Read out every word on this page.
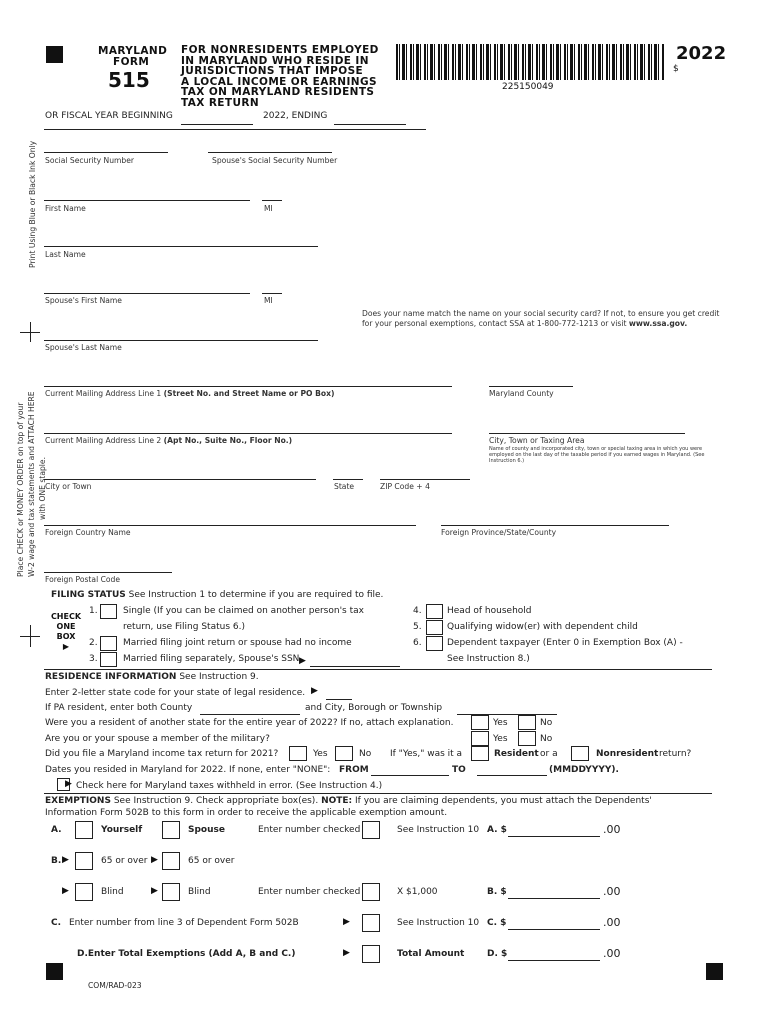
MARYLAND
FORM
515
FOR NONRESIDENTS EMPLOYED
IN MARYLAND WHO RESIDE IN
JURISDICTIONS THAT IMPOSE
A LOCAL INCOME OR EARNINGS
TAX ON MARYLAND RESIDENTS
TAX RETURN
225150049
2022
$
OR FISCAL YEAR BEGINNING	2022, ENDING
Print Using Blue or Black Ink Only
Place CHECK or MONEY ORDER on top of your W-2 wage and tax statements and ATTACH HERE with ONE staple.
Social Security Number	Spouse's Social Security Number
First Name	MI
Last Name
Spouse's First Name	MI
Does your name match the name on your social security card? If not, to ensure you get credit
for your personal exemptions, contact SSA at 1-800-772-1213 or visit www.ssa.gov.
Spouse's Last Name
Current Mailing Address Line 1 (Street No. and Street Name or PO Box)	Maryland County
Current Mailing Address Line 2 (Apt No., Suite No., Floor No.)	City, Town or Taxing Area
Name of county and incorporated city, town or special taxing area in which you were
employed on the last day of the taxable period if you earned wages in Maryland. (See
Instruction 6.)
City or Town	State	ZIP Code + 4
Foreign Country Name	Foreign Province/State/County
Foreign Postal Code
FILING STATUS See Instruction 1 to determine if you are required to file.
CHECK
ONE
BOX
▶
1.	Single (If you can be claimed on another person's tax
return, use Filing Status 6.)
2.	Married filing joint return or spouse had no income
3.	Married filing separately, Spouse's SSN ▶
4.	Head of household
5.	Qualifying widow(er) with dependent child
6.	Dependent taxpayer (Enter 0 in Exemption Box (A) -
See Instruction 8.)
RESIDENCE INFORMATION See Instruction 9.
Enter 2-letter state code for your state of legal residence. ▶
If PA resident, enter both County	and City, Borough or Township
Were you a resident of another state for the entire year of 2022? If no, attach explanation.	Yes	No
Are you or your spouse a member of the military?	Yes	No
Did you file a Maryland income tax return for 2021?	Yes	No If "Yes," was it a	Resident or a	Nonresident return?
Dates you resided in Maryland for 2022. If none, enter "NONE": FROM	TO	(MMDDYYYY).
▶ Check here for Maryland taxes withheld in error. (See Instruction 4.)
EXEMPTIONS See Instruction 9. Check appropriate box(es). NOTE: If you are claiming dependents, you must attach the Dependents'
Information Form 502B to this form in order to receive the applicable exemption amount.
A.	Yourself	Spouse	Enter number checked	See Instruction 10 A. $	.00
B. ▶	65 or over ▶	65 or over
▶	Blind	▶	Blind	Enter number checked	X $1,000	B. $	.00
C. Enter number from line 3 of Dependent Form 502B	▶	See Instruction 10 C. $	.00
D.Enter Total Exemptions (Add A, B and C.)	▶	Total Amount	D. $	.00
COM/RAD-023
